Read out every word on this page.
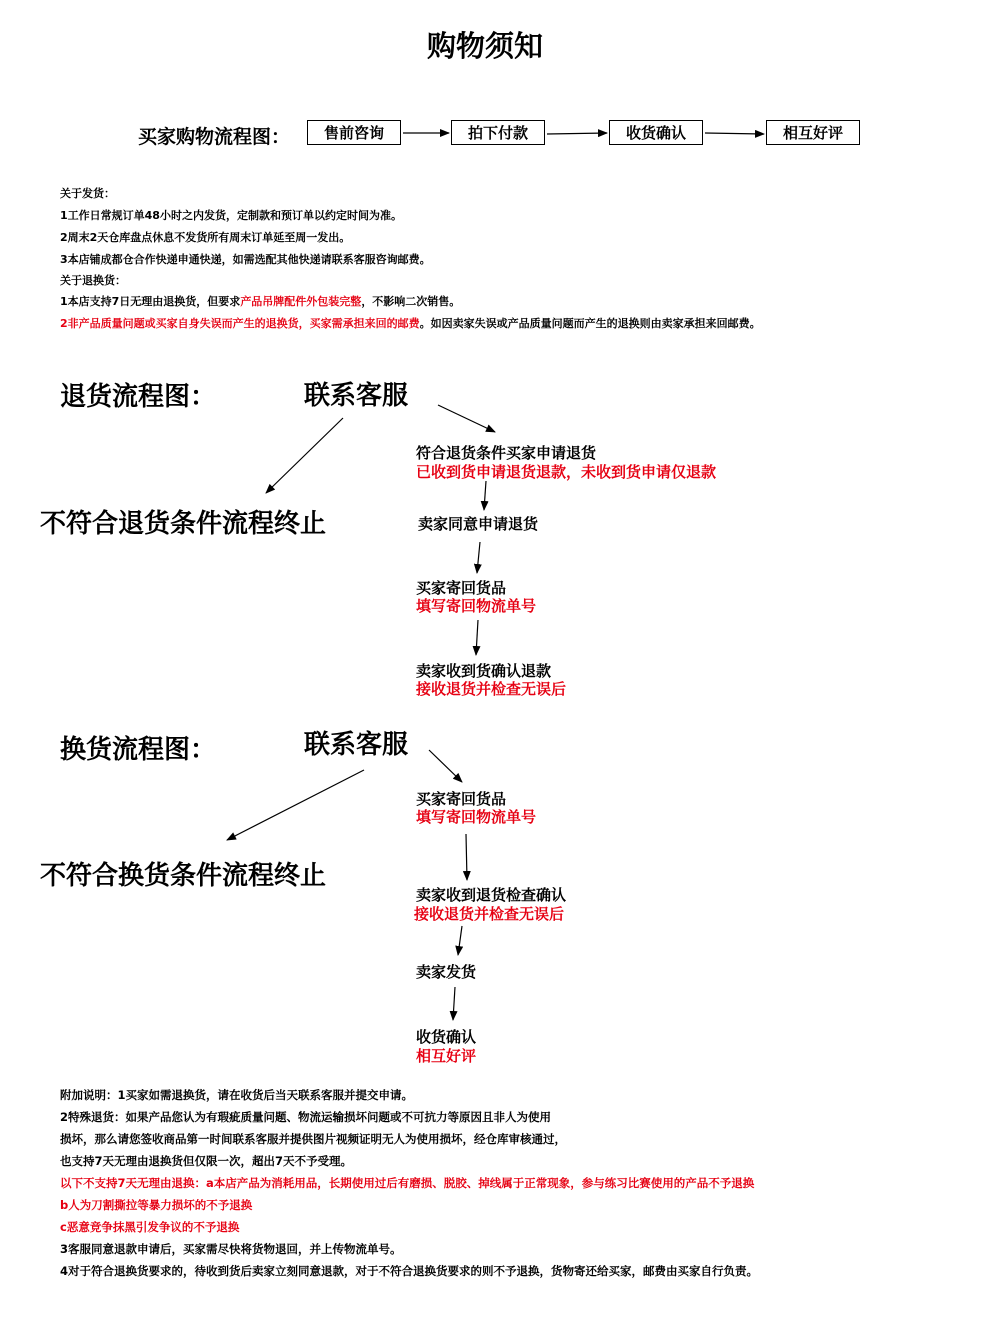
购物须知
买家购物流程图：	售前咨询	拍下付款	收货确认	相互好评
关于发货：
1工作日常规订单48小时之内发货，定制款和预订单以约定时间为准。
2周末2天仓库盘点休息不发货所有周末订单延至周一发出。
3本店铺成都仓合作快递申通快递，如需选配其他快递请联系客服咨询邮费。
关于退换货：
1本店支持7日无理由退换货，但要求产品吊牌配件外包装完整，不影响二次销售。
2非产品质量问题或买家自身失误而产生的退换货，买家需承担来回的邮费。如因卖家失误或产品质量问题而产生的退换则由卖家承担来回邮费。
退货流程图：	联系客服
不符合退货条件流程终止
符合退货条件买家申请退货
已收到货申请退货退款，未收到货申请仅退款
卖家同意申请退货
买家寄回货品
填写寄回物流单号
卖家收到货确认退款
接收退货并检查无误后
换货流程图：	联系客服
不符合换货条件流程终止
买家寄回货品
填写寄回物流单号
卖家收到退货检查确认
接收退货并检查无误后
卖家发货
收货确认
相互好评
附加说明：1买家如需退换货，请在收货后当天联系客服并提交申请。
2特殊退货：如果产品您认为有瑕疵质量问题、物流运输损坏问题或不可抗力等原因且非人为使用
损坏，那么请您签收商品第一时间联系客服并提供图片视频证明无人为使用损坏，经仓库审核通过，
也支持7天无理由退换货但仅限一次，超出7天不予受理。
以下不支持7天无理由退换：a本店产品为消耗用品，长期使用过后有磨损、脱胶、掉线属于正常现象，参与练习比赛使用的产品不予退换
b人为刀割撕拉等暴力损坏的不予退换
c恶意竞争抹黑引发争议的不予退换
3客服同意退款申请后，买家需尽快将货物退回，并上传物流单号。
4对于符合退换货要求的，待收到货后卖家立刻同意退款，对于不符合退换货要求的则不予退换，货物寄还给买家，邮费由买家自行负责。
